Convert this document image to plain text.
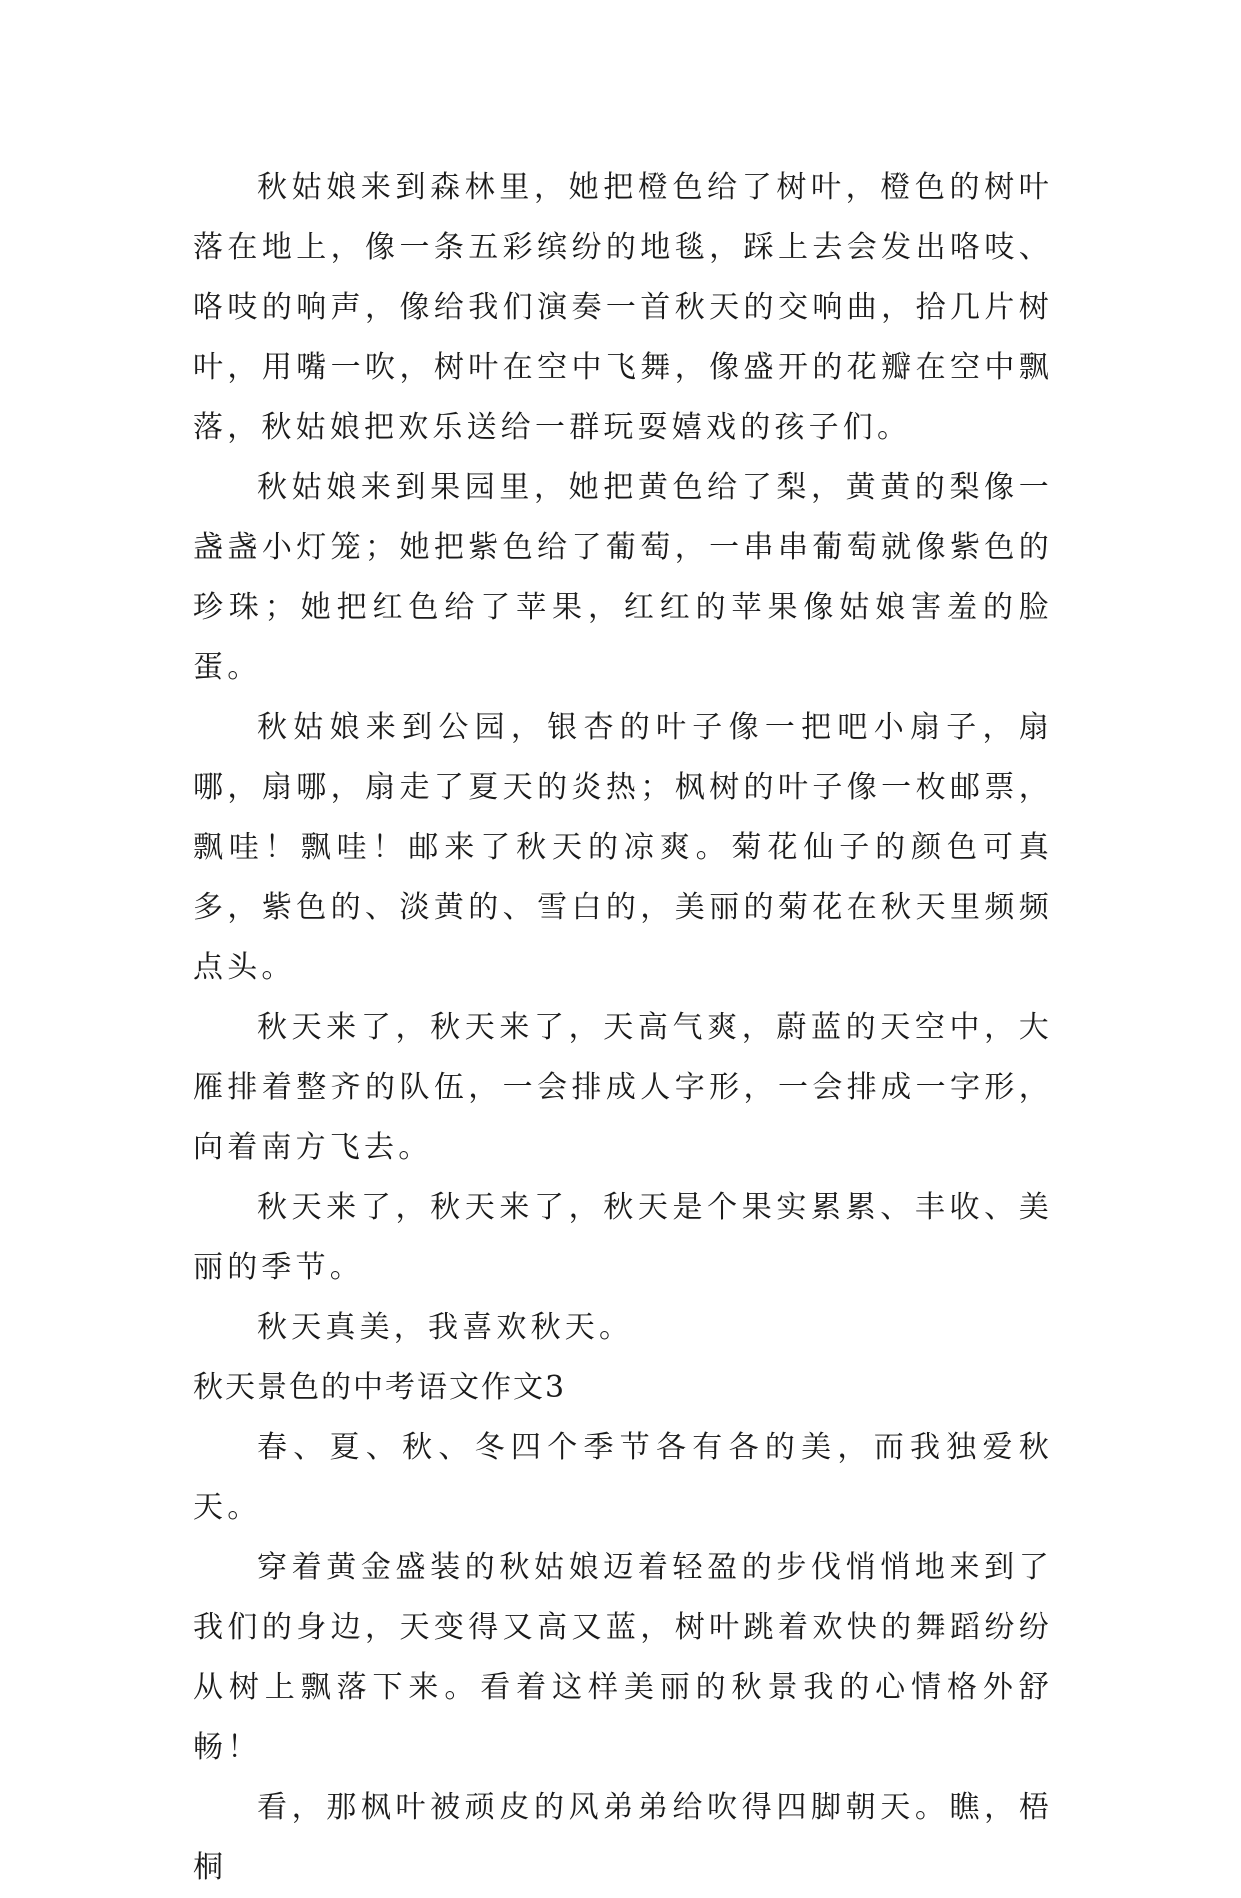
秋姑娘来到森林里，她把橙色给了树叶，橙色的树叶落在地上，像一条五彩缤纷的地毯，踩上去会发出咯吱、咯吱的响声，像给我们演奏一首秋天的交响曲，拾几片树叶，用嘴一吹，树叶在空中飞舞，像盛开的花瓣在空中飘落，秋姑娘把欢乐送给一群玩耍嬉戏的孩子们。

秋姑娘来到果园里，她把黄色给了梨，黄黄的梨像一盏盏小灯笼；她把紫色给了葡萄，一串串葡萄就像紫色的珍珠；她把红色给了苹果，红红的苹果像姑娘害羞的脸蛋。

秋姑娘来到公园，银杏的叶子像一把吧小扇子，扇哪，扇哪，扇走了夏天的炎热；枫树的叶子像一枚邮票，飘哇！飘哇！邮来了秋天的凉爽。菊花仙子的颜色可真多，紫色的、淡黄的、雪白的，美丽的菊花在秋天里频频点头。

秋天来了，秋天来了，天高气爽，蔚蓝的天空中，大雁排着整齐的队伍，一会排成人字形，一会排成一字形，向着南方飞去。

秋天来了，秋天来了，秋天是个果实累累、丰收、美丽的季节。

秋天真美，我喜欢秋天。

秋天景色的中考语文作文3

春、夏、秋、冬四个季节各有各的美，而我独爱秋天。

穿着黄金盛装的秋姑娘迈着轻盈的步伐悄悄地来到了我们的身边，天变得又高又蓝，树叶跳着欢快的舞蹈纷纷从树上飘落下来。看着这样美丽的秋景我的心情格外舒畅！

看，那枫叶被顽皮的风弟弟给吹得四脚朝天。瞧，梧桐
